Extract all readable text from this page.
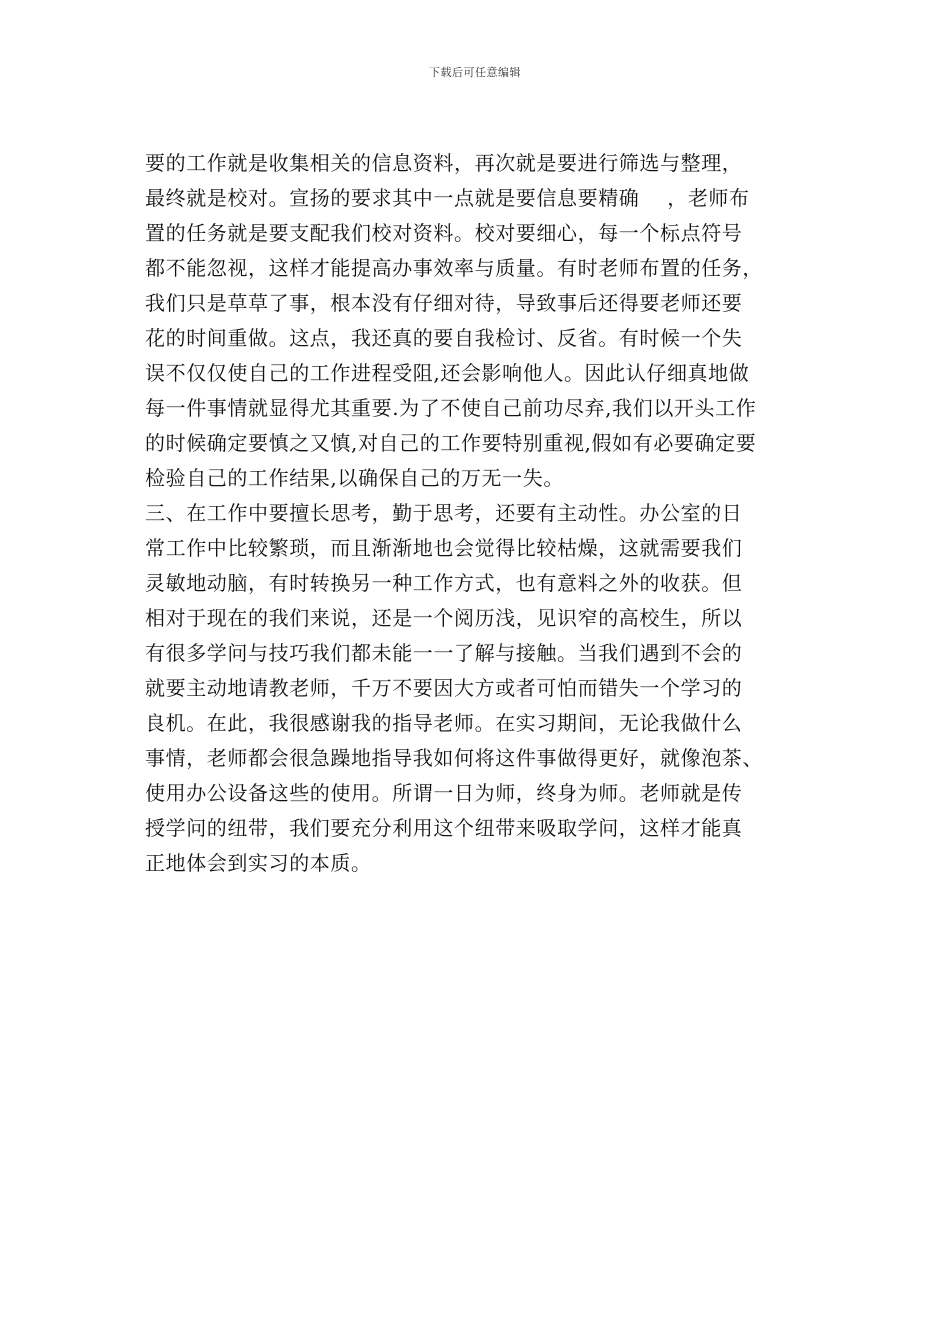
下载后可任意编辑
要的工作就是收集相关的信息资料，再次就是要进行筛选与整理，
最终就是校对。宣扬的要求其中一点就是要信息要精确    ，老师布
置的任务就是要支配我们校对资料。校对要细心，每一个标点符号
都不能忽视，这样才能提高办事效率与质量。有时老师布置的任务，
我们只是草草了事，根本没有仔细对待，导致事后还得要老师还要
花的时间重做。这点，我还真的要自我检讨、反省。有时候一个失
误不仅仅使自己的工作进程受阻,还会影响他人。因此认仔细真地做
每一件事情就显得尤其重要.为了不使自己前功尽弃,我们以开头工作
的时候确定要慎之又慎,对自己的工作要特别重视,假如有必要确定要
检验自己的工作结果,以确保自己的万无一失。
三、在工作中要擅长思考，勤于思考，还要有主动性。办公室的日
常工作中比较繁琐，而且渐渐地也会觉得比较枯燥，这就需要我们
灵敏地动脑，有时转换另一种工作方式，也有意料之外的收获。但
相对于现在的我们来说，还是一个阅历浅，见识窄的高校生，所以
有很多学问与技巧我们都未能一一了解与接触。当我们遇到不会的
就要主动地请教老师，千万不要因大方或者可怕而错失一个学习的
良机。在此，我很感谢我的指导老师。在实习期间，无论我做什么
事情，老师都会很急躁地指导我如何将这件事做得更好，就像泡茶、
使用办公设备这些的使用。所谓一日为师，终身为师。老师就是传
授学问的纽带，我们要充分利用这个纽带来吸取学问，这样才能真
正地体会到实习的本质。
